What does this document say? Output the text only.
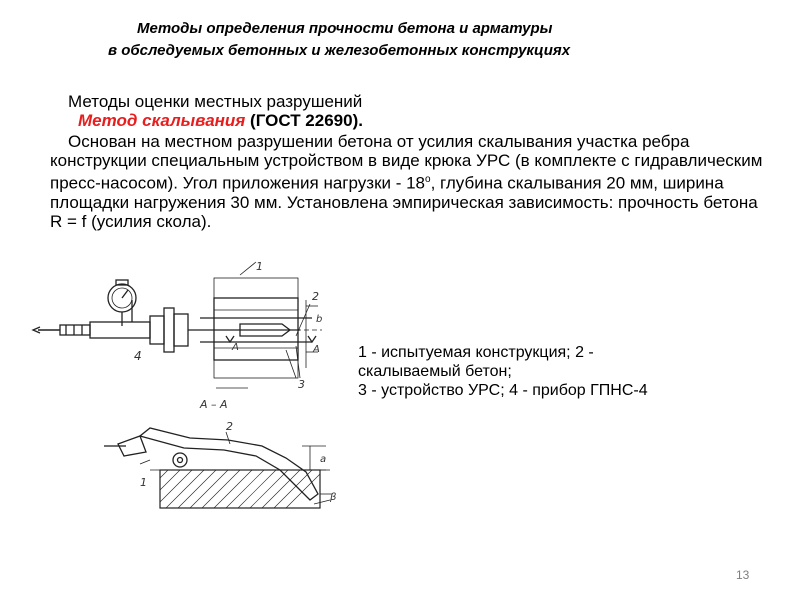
Методы определения прочности бетона и арматуры
в обследуемых бетонных и железобетонных конструкциях
Методы оценки местных разрушений
Метод скалывания (ГОСТ 22690).
Основан на местном разрушении бетона от усилия скалывания участка ребра конструкции специальным устройством в виде крюка УРС (в комплекте с гидравлическим пресс-насосом). Угол приложения нагрузки - $18^о$, глубина скалывания 20 мм, ширина площадки нагружения 30 мм. Установлена эмпирическая зависимость: прочность бетона R = f (усилия скола).
1
2
b
3
4
A	A
A – A
2
1
a
β
1 - испытуемая конструкция; 2 -
скалываемый бетон;
3 - устройство УРС; 4 - прибор ГПНС-4
13
